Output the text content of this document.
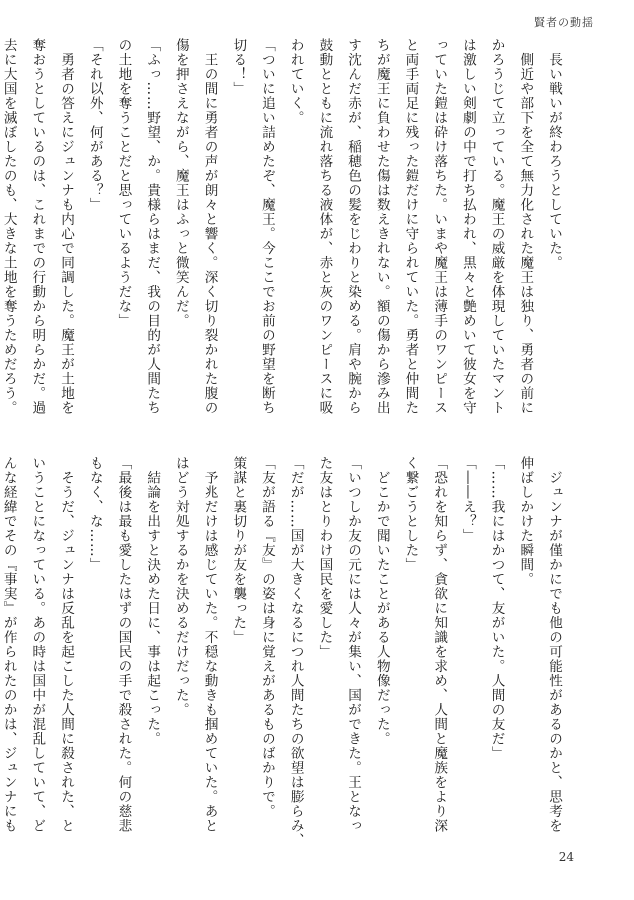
賢者の動揺
　長い戦いが終わろうとしていた。
　側近や部下を全て無力化された魔王は独り、勇者の前に
かろうじて立っている。魔王の威厳を体現していたマント
は激しい剣劇の中で打ち払われ、黒々と艶めいて彼女を守
っていた鎧は砕け落ちた。いまや魔王は薄手のワンピース
と両手両足に残った鎧だけに守られていた。勇者と仲間た
ちが魔王に負わせた傷は数えきれない。額の傷から滲み出
す沈んだ赤が、稲穂色の髪をじわりと染める。肩や腕から
鼓動とともに流れ落ちる液体が、赤と灰のワンピースに吸
われていく。
「ついに追い詰めたぞ、魔王。今ここでお前の野望を断ち
切る！」
　王の間に勇者の声が朗々と響く。深く切り裂かれた腹の
傷を押さえながら、魔王はふっと微笑んだ。
「ふっ……野望、か。貴様らはまだ、我の目的が人間たち
の土地を奪うことだと思っているようだな」
「それ以外、何がある？」
　勇者の答えにジュンナも内心で同調した。魔王が土地を
奪おうとしているのは、これまでの行動から明らかだ。過
去に大国を滅ぼしたのも、大きな土地を奪うためだろう。
　ジュンナが僅かにでも他の可能性があるのかと、思考を
伸ばしかけた瞬間。
「……我にはかつて、友がいた。人間の友だ」
「――え？」
「恐れを知らず、貪欲に知識を求め、人間と魔族をより深
く繋ごうとした」
　どこかで聞いたことがある人物像だった。
「いつしか友の元には人々が集い、国ができた。王となっ
た友はとりわけ国民を愛した」
「だが……国が大きくなるにつれ人間たちの欲望は膨らみ、
「友が語る『友』の姿は身に覚えがあるものばかりで。
策謀と裏切りが友を襲った」
　予兆だけは感じていた。不穏な動きも掴めていた。あと
はどう対処するかを決めるだけだった。
　結論を出すと決めた日に、事は起こった。
「最後は最も愛したはずの国民の手で殺された。何の慈悲
もなく、な……」
　そうだ、ジュンナは反乱を起こした人間に殺された、と
いうことになっている。あの時は国中が混乱していて、ど
んな経緯でその『事実』が作られたのかは、ジュンナにも
24
